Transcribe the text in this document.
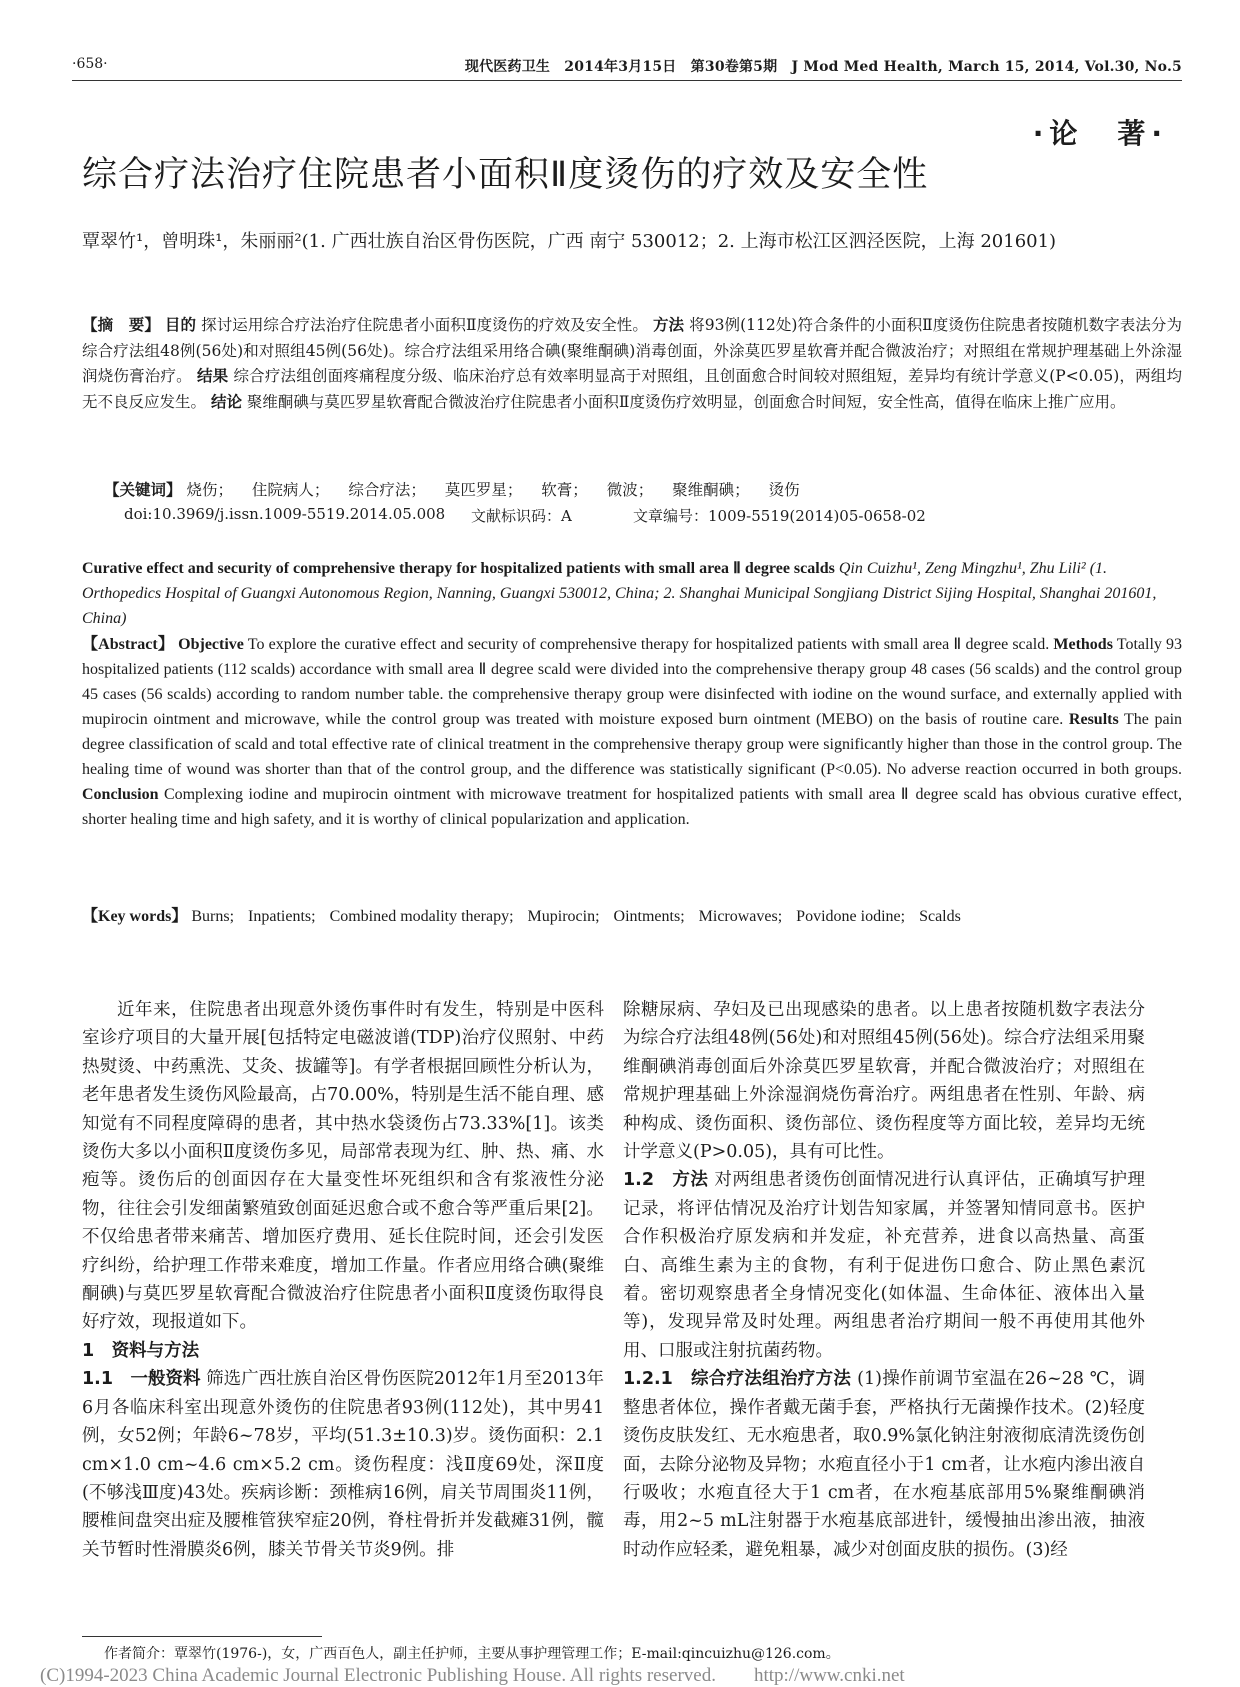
·658·	现代医药卫生　2014年3月15日　第30卷第5期　J Mod Med Health, March 15, 2014, Vol.30, No.5
·论　著·
综合疗法治疗住院患者小面积Ⅱ度烫伤的疗效及安全性
覃翠竹¹，曾明珠¹，朱丽丽²(1. 广西壮族自治区骨伤医院，广西 南宁 530012；2. 上海市松江区泗泾医院，上海 201601)
【摘　要】 目的 探讨运用综合疗法治疗住院患者小面积Ⅱ度烫伤的疗效及安全性。 方法 将93例(112处)符合条件的小面积Ⅱ度烫伤住院患者按随机数字表法分为综合疗法组48例(56处)和对照组45例(56处)。综合疗法组采用络合碘(聚维酮碘)消毒创面，外涂莫匹罗星软膏并配合微波治疗；对照组在常规护理基础上外涂湿润烧伤膏治疗。 结果 综合疗法组创面疼痛程度分级、临床治疗总有效率明显高于对照组，且创面愈合时间较对照组短，差异均有统计学意义(P<0.05)，两组均无不良反应发生。 结论 聚维酮碘与莫匹罗星软膏配合微波治疗住院患者小面积Ⅱ度烫伤疗效明显，创面愈合时间短，安全性高，值得在临床上推广应用。
【关键词】 烧伤； 住院病人； 综合疗法； 莫匹罗星； 软膏； 微波； 聚维酮碘； 烫伤
doi:10.3969/j.issn.1009-5519.2014.05.008 文献标识码：A	文章编号：1009-5519(2014)05-0658-02
Curative effect and security of comprehensive therapy for hospitalized patients with small area Ⅱ degree scalds Qin Cuizhu¹, Zeng Mingzhu¹, Zhu Lili² (1. Orthopedics Hospital of Guangxi Autonomous Region, Nanning, Guangxi 530012, China; 2. Shanghai Municipal Songjiang District Sijing Hospital, Shanghai 201601, China)
【Abstract】 Objective To explore the curative effect and security of comprehensive therapy for hospitalized patients with small area Ⅱ degree scald. Methods Totally 93 hospitalized patients (112 scalds) accordance with small area Ⅱ degree scald were divided into the comprehensive therapy group 48 cases (56 scalds) and the control group 45 cases (56 scalds) according to random number table. the comprehensive therapy group were disinfected with iodine on the wound surface, and externally applied with mupirocin ointment and microwave, while the control group was treated with moisture exposed burn ointment (MEBO) on the basis of routine care. Results The pain degree classification of scald and total effective rate of clinical treatment in the comprehensive therapy group were significantly higher than those in the control group. The healing time of wound was shorter than that of the control group, and the difference was statistically significant (P<0.05). No adverse reaction occurred in both groups. Conclusion Complexing iodine and mupirocin ointment with microwave treatment for hospitalized patients with small area Ⅱ degree scald has obvious curative effect, shorter healing time and high safety, and it is worthy of clinical popularization and application.
【Key words】 Burns; Inpatients; Combined modality therapy; Mupirocin; Ointments; Microwaves; Povidone iodine; Scalds

近年来，住院患者出现意外烫伤事件时有发生，特别是中医科室诊疗项目的大量开展[包括特定电磁波谱(TDP)治疗仪照射、中药热熨烫、中药熏洗、艾灸、拔罐等]。有学者根据回顾性分析认为，老年患者发生烫伤风险最高，占70.00%，特别是生活不能自理、感知觉有不同程度障碍的患者，其中热水袋烫伤占73.33%[1]。该类烫伤大多以小面积Ⅱ度烫伤多见，局部常表现为红、肿、热、痛、水疱等。烫伤后的创面因存在大量变性坏死组织和含有浆液性分泌物，往往会引发细菌繁殖致创面延迟愈合或不愈合等严重后果[2]。不仅给患者带来痛苦、增加医疗费用、延长住院时间，还会引发医疗纠纷，给护理工作带来难度，增加工作量。作者应用络合碘(聚维酮碘)与莫匹罗星软膏配合微波治疗住院患者小面积Ⅱ度烫伤取得良好疗效，现报道如下。

1　资料与方法

1.1　一般资料 筛选广西壮族自治区骨伤医院2012年1月至2013年6月各临床科室出现意外烫伤的住院患者93例(112处)，其中男41例，女52例；年龄6~78岁，平均(51.3±10.3)岁。烫伤面积：2.1 cm×1.0 cm~4.6 cm×5.2 cm。烫伤程度：浅Ⅱ度69处，深Ⅱ度(不够浅Ⅲ度)43处。疾病诊断：颈椎病16例，肩关节周围炎11例，腰椎间盘突出症及腰椎管狭窄症20例，脊柱骨折并发截瘫31例，髋关节暂时性滑膜炎6例，膝关节骨关节炎9例。排

除糖尿病、孕妇及已出现感染的患者。以上患者按随机数字表法分为综合疗法组48例(56处)和对照组45例(56处)。综合疗法组采用聚维酮碘消毒创面后外涂莫匹罗星软膏，并配合微波治疗；对照组在常规护理基础上外涂湿润烧伤膏治疗。两组患者在性别、年龄、病种构成、烫伤面积、烫伤部位、烫伤程度等方面比较，差异均无统计学意义(P>0.05)，具有可比性。

1.2　方法 对两组患者烫伤创面情况进行认真评估，正确填写护理记录，将评估情况及治疗计划告知家属，并签署知情同意书。医护合作积极治疗原发病和并发症，补充营养，进食以高热量、高蛋白、高维生素为主的食物，有利于促进伤口愈合、防止黑色素沉着。密切观察患者全身情况变化(如体温、生命体征、液体出入量等)，发现异常及时处理。两组患者治疗期间一般不再使用其他外用、口服或注射抗菌药物。

1.2.1　综合疗法组治疗方法 (1)操作前调节室温在26~28 ℃，调整患者体位，操作者戴无菌手套，严格执行无菌操作技术。(2)轻度烫伤皮肤发红、无水疱患者，取0.9%氯化钠注射液彻底清洗烫伤创面，去除分泌物及异物；水疱直径小于1 cm者，让水疱内渗出液自行吸收；水疱直径大于1 cm者，在水疱基底部用5%聚维酮碘消毒，用2~5 mL注射器于水疱基底部进针，缓慢抽出渗出液，抽液时动作应轻柔，避免粗暴，减少对创面皮肤的损伤。(3)经

作者简介：覃翠竹(1976-)，女，广西百色人，副主任护师，主要从事护理管理工作；E-mail:qincuizhu@126.com。
(C)1994-2023 China Academic Journal Electronic Publishing House. All rights reserved.　　http://www.cnki.net
